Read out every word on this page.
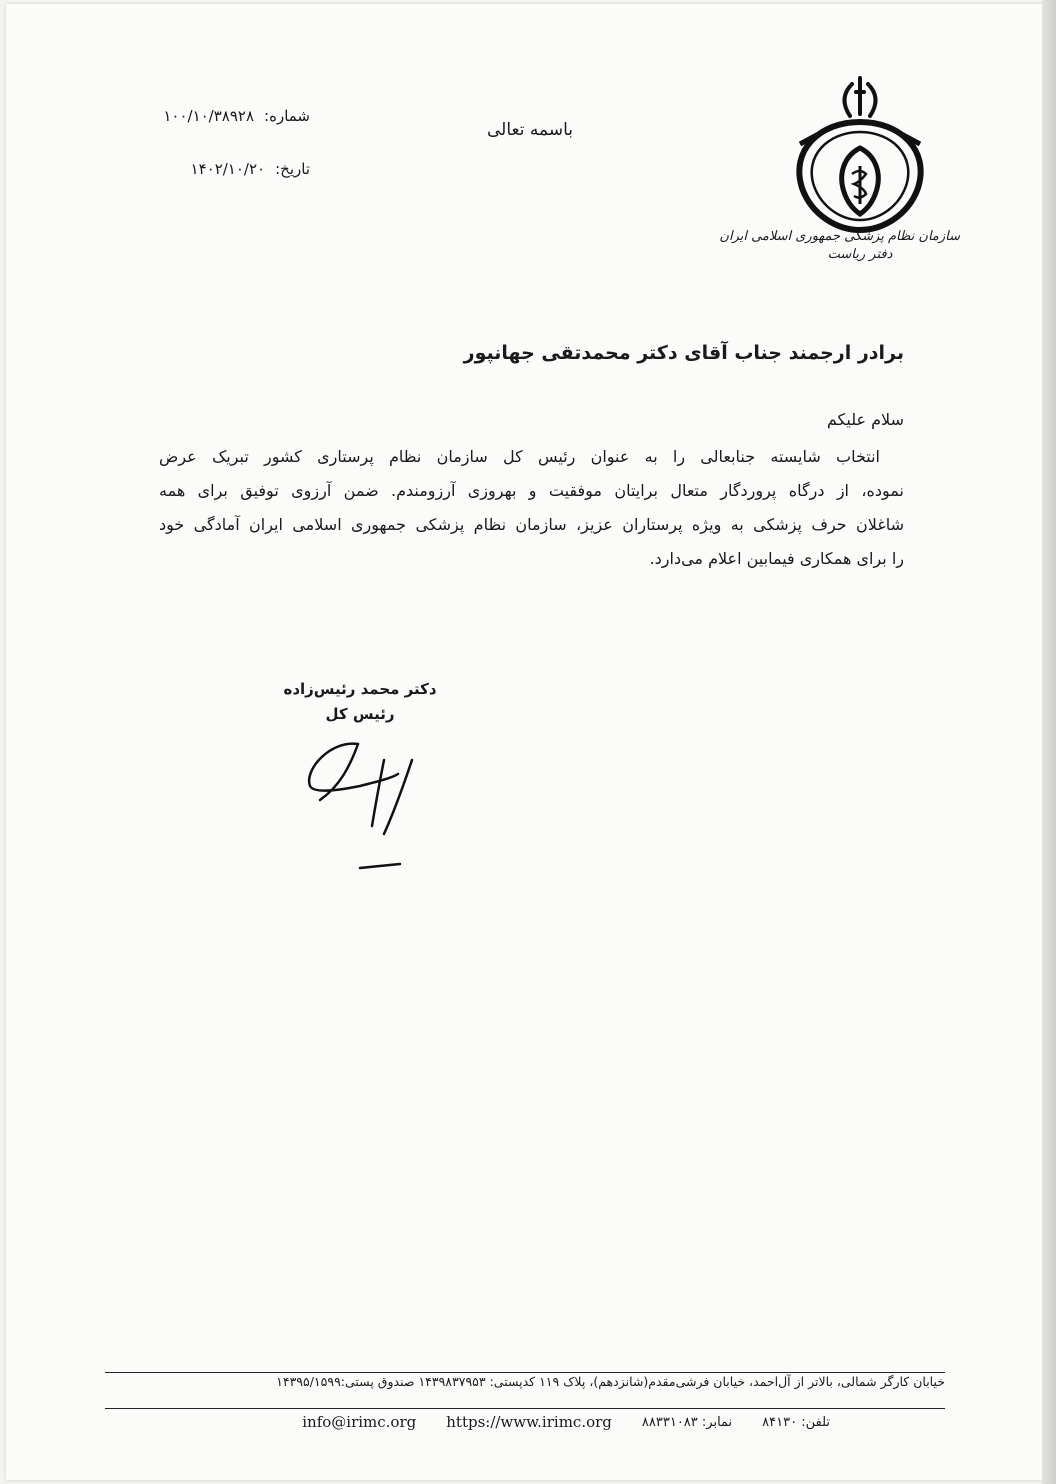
سازمان نظام پزشکی جمهوری اسلامی ایران
دفتر ریاست
باسمه تعالی
شماره:
۱۰۰/۱۰/۳۸۹۲۸
تاریخ:
۱۴۰۲/۱۰/۲۰
برادر ارجمند جناب آقای دکتر محمدتقی جهانپور
سلام علیکم
انتخاب شایسته جنابعالی را به عنوان رئیس کل سازمان نظام پرستاری کشور تبریک عرض
نموده، از درگاه پروردگار متعال برایتان موفقیت و بهروزی آرزومندم. ضمن آرزوی توفیق برای همه
شاغلان حرف پزشکی به ویژه پرستاران عزیز، سازمان نظام پزشکی جمهوری اسلامی ایران آمادگی خود
را برای همکاری فیمابین اعلام می‌دارد.
دکتر محمد رئیس‌زاده
رئیس کل
خیابان کارگر شمالی، بالاتر از آل‌احمد، خیابان فرشی‌مقدم(شانزدهم)، پلاک ۱۱۹ کدپستی: ۱۴۳۹۸۳۷۹۵۳ صندوق پستی:۱۴۳۹۵/۱۵۹۹
تلفن: ۸۴۱۳۰
نمابر: ۸۸۳۳۱۰۸۳
https://www.irimc.org
info@irimc.org
